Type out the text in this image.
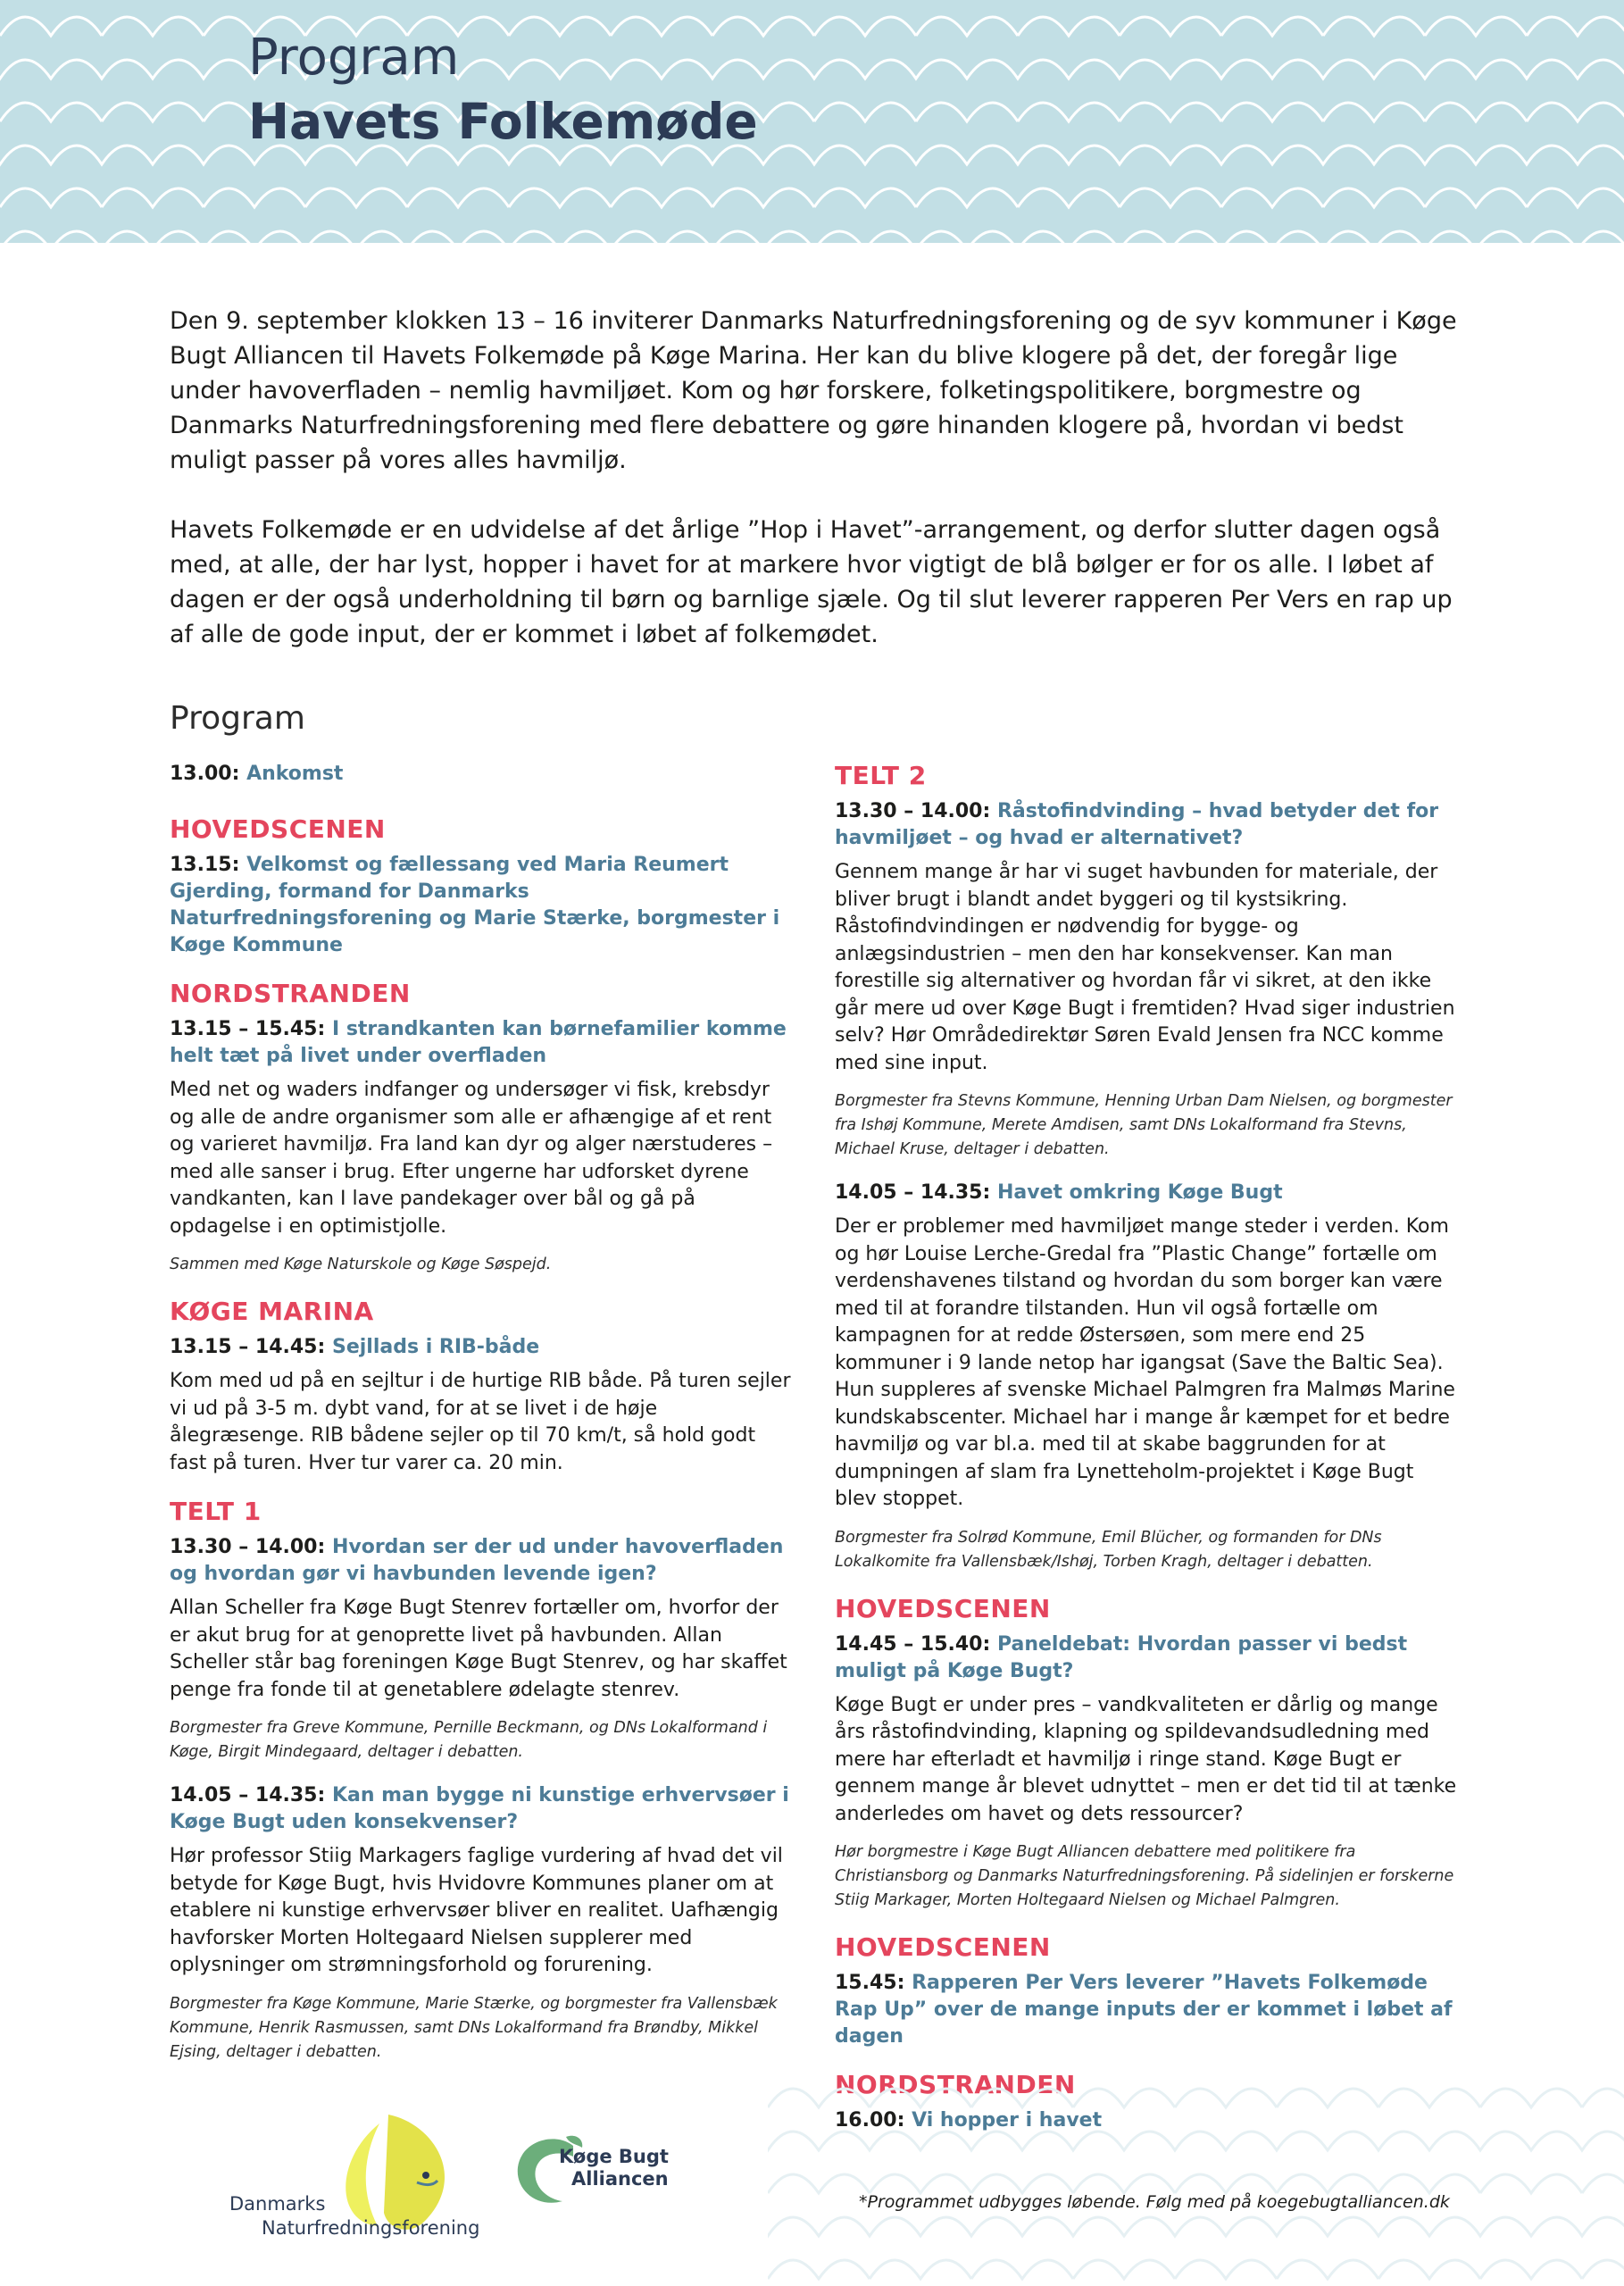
Program
Havets Folkemøde

Den 9. september klokken 13 – 16 inviterer Danmarks Naturfredningsforening og de syv kommuner i Køge Bugt Alliancen til Havets Folkemøde på Køge Marina. Her kan du blive klogere på det, der foregår lige under havoverfladen – nemlig havmiljøet. Kom og hør forskere, folketingspolitikere, borgmestre og Danmarks Naturfredningsforening med flere debattere og gøre hinanden klogere på, hvordan vi bedst muligt passer på vores alles havmiljø.

Havets Folkemøde er en udvidelse af det årlige ”Hop i Havet”-arrangement, og derfor slutter dagen også med, at alle, der har lyst, hopper i havet for at markere hvor vigtigt de blå bølger er for os alle. I løbet af dagen er der også underholdning til børn og barnlige sjæle. Og til slut leverer rapperen Per Vers en rap up af alle de gode input, der er kommet i løbet af folkemødet.

Program
13.00: Ankomst
HOVEDSCENEN
13.15: Velkomst og fællessang ved Maria Reumert Gjerding, formand for Danmarks Naturfredningsforening og Marie Stærke, borgmester i Køge Kommune
NORDSTRANDEN
13.15 – 15.45: I strandkanten kan børnefamilier komme helt tæt på livet under overfladen
Med net og waders indfanger og undersøger vi fisk, krebsdyr og alle de andre organismer som alle er afhængige af et rent og varieret havmiljø. Fra land kan dyr og alger nærstuderes – med alle sanser i brug. Efter ungerne har udforsket dyrene vandkanten, kan I lave pandekager over bål og gå på opdagelse i en optimistjolle.
Sammen med Køge Naturskole og Køge Søspejd.
KØGE MARINA
13.15 – 14.45: Sejllads i RIB-både
Kom med ud på en sejltur i de hurtige RIB både. På turen sejler vi ud på 3-5 m. dybt vand, for at se livet i de høje ålegræsenge. RIB bådene sejler op til 70 km/t, så hold godt fast på turen. Hver tur varer ca. 20 min.
TELT 1
13.30 – 14.00: Hvordan ser der ud under havoverfladen og hvordan gør vi havbunden levende igen?
Allan Scheller fra Køge Bugt Stenrev fortæller om, hvorfor der er akut brug for at genoprette livet på havbunden. Allan Scheller står bag foreningen Køge Bugt Stenrev, og har skaffet penge fra fonde til at genetablere ødelagte stenrev.
Borgmester fra Greve Kommune, Pernille Beckmann, og DNs Lokalformand i Køge, Birgit Mindegaard, deltager i debatten.
14.05 – 14.35: Kan man bygge ni kunstige erhvervsøer i Køge Bugt uden konsekvenser?
Hør professor Stiig Markagers faglige vurdering af hvad det vil betyde for Køge Bugt, hvis Hvidovre Kommunes planer om at etablere ni kunstige erhvervsøer bliver en realitet. Uafhængig havforsker Morten Holtegaard Nielsen supplerer med oplysninger om strømningsforhold og forurening.
Borgmester fra Køge Kommune, Marie Stærke, og borgmester fra Vallensbæk Kommune, Henrik Rasmussen, samt DNs Lokalformand fra Brøndby, Mikkel Ejsing, deltager i debatten.
TELT 2
13.30 – 14.00: Råstofindvinding – hvad betyder det for havmiljøet – og hvad er alternativet?
Gennem mange år har vi suget havbunden for materiale, der bliver brugt i blandt andet byggeri og til kystsikring. Råstofindvindingen er nødvendig for bygge- og anlægsindustrien – men den har konsekvenser. Kan man forestille sig alternativer og hvordan får vi sikret, at den ikke går mere ud over Køge Bugt i fremtiden? Hvad siger industrien selv? Hør Områdedirektør Søren Evald Jensen fra NCC komme med sine input.
Borgmester fra Stevns Kommune, Henning Urban Dam Nielsen, og borgmester fra Ishøj Kommune, Merete Amdisen, samt DNs Lokalformand fra Stevns, Michael Kruse, deltager i debatten.
14.05 – 14.35: Havet omkring Køge Bugt
Der er problemer med havmiljøet mange steder i verden. Kom og hør Louise Lerche-Gredal fra ”Plastic Change” fortælle om verdenshavenes tilstand og hvordan du som borger kan være med til at forandre tilstanden. Hun vil også fortælle om kampagnen for at redde Østersøen, som mere end 25 kommuner i 9 lande netop har igangsat (Save the Baltic Sea). Hun suppleres af svenske Michael Palmgren fra Malmøs Marine kundskabscenter. Michael har i mange år kæmpet for et bedre havmiljø og var bl.a. med til at skabe baggrunden for at dumpningen af slam fra Lynetteholm-projektet i Køge Bugt blev stoppet.
Borgmester fra Solrød Kommune, Emil Blücher, og formanden for DNs Lokalkomite fra Vallensbæk/Ishøj, Torben Kragh, deltager i debatten.
HOVEDSCENEN
14.45 – 15.40: Paneldebat: Hvordan passer vi bedst muligt på Køge Bugt?
Køge Bugt er under pres – vandkvaliteten er dårlig og mange års råstofindvinding, klapning og spildevandsudledning med mere har efterladt et havmiljø i ringe stand. Køge Bugt er gennem mange år blevet udnyttet – men er det tid til at tænke anderledes om havet og dets ressourcer?
Hør borgmestre i Køge Bugt Alliancen debattere med politikere fra Christiansborg og Danmarks Naturfredningsforening. På sidelinjen er forskerne Stiig Markager, Morten Holtegaard Nielsen og Michael Palmgren.
HOVEDSCENEN
15.45: Rapperen Per Vers leverer ”Havets Folkemøde Rap Up” over de mange inputs der er kommet i løbet af dagen
Danmarks
Naturfredningsforening
Køge Bugt
Alliancen
*Programmet udbygges løbende. Følg med på koegebugtalliancen.dk
